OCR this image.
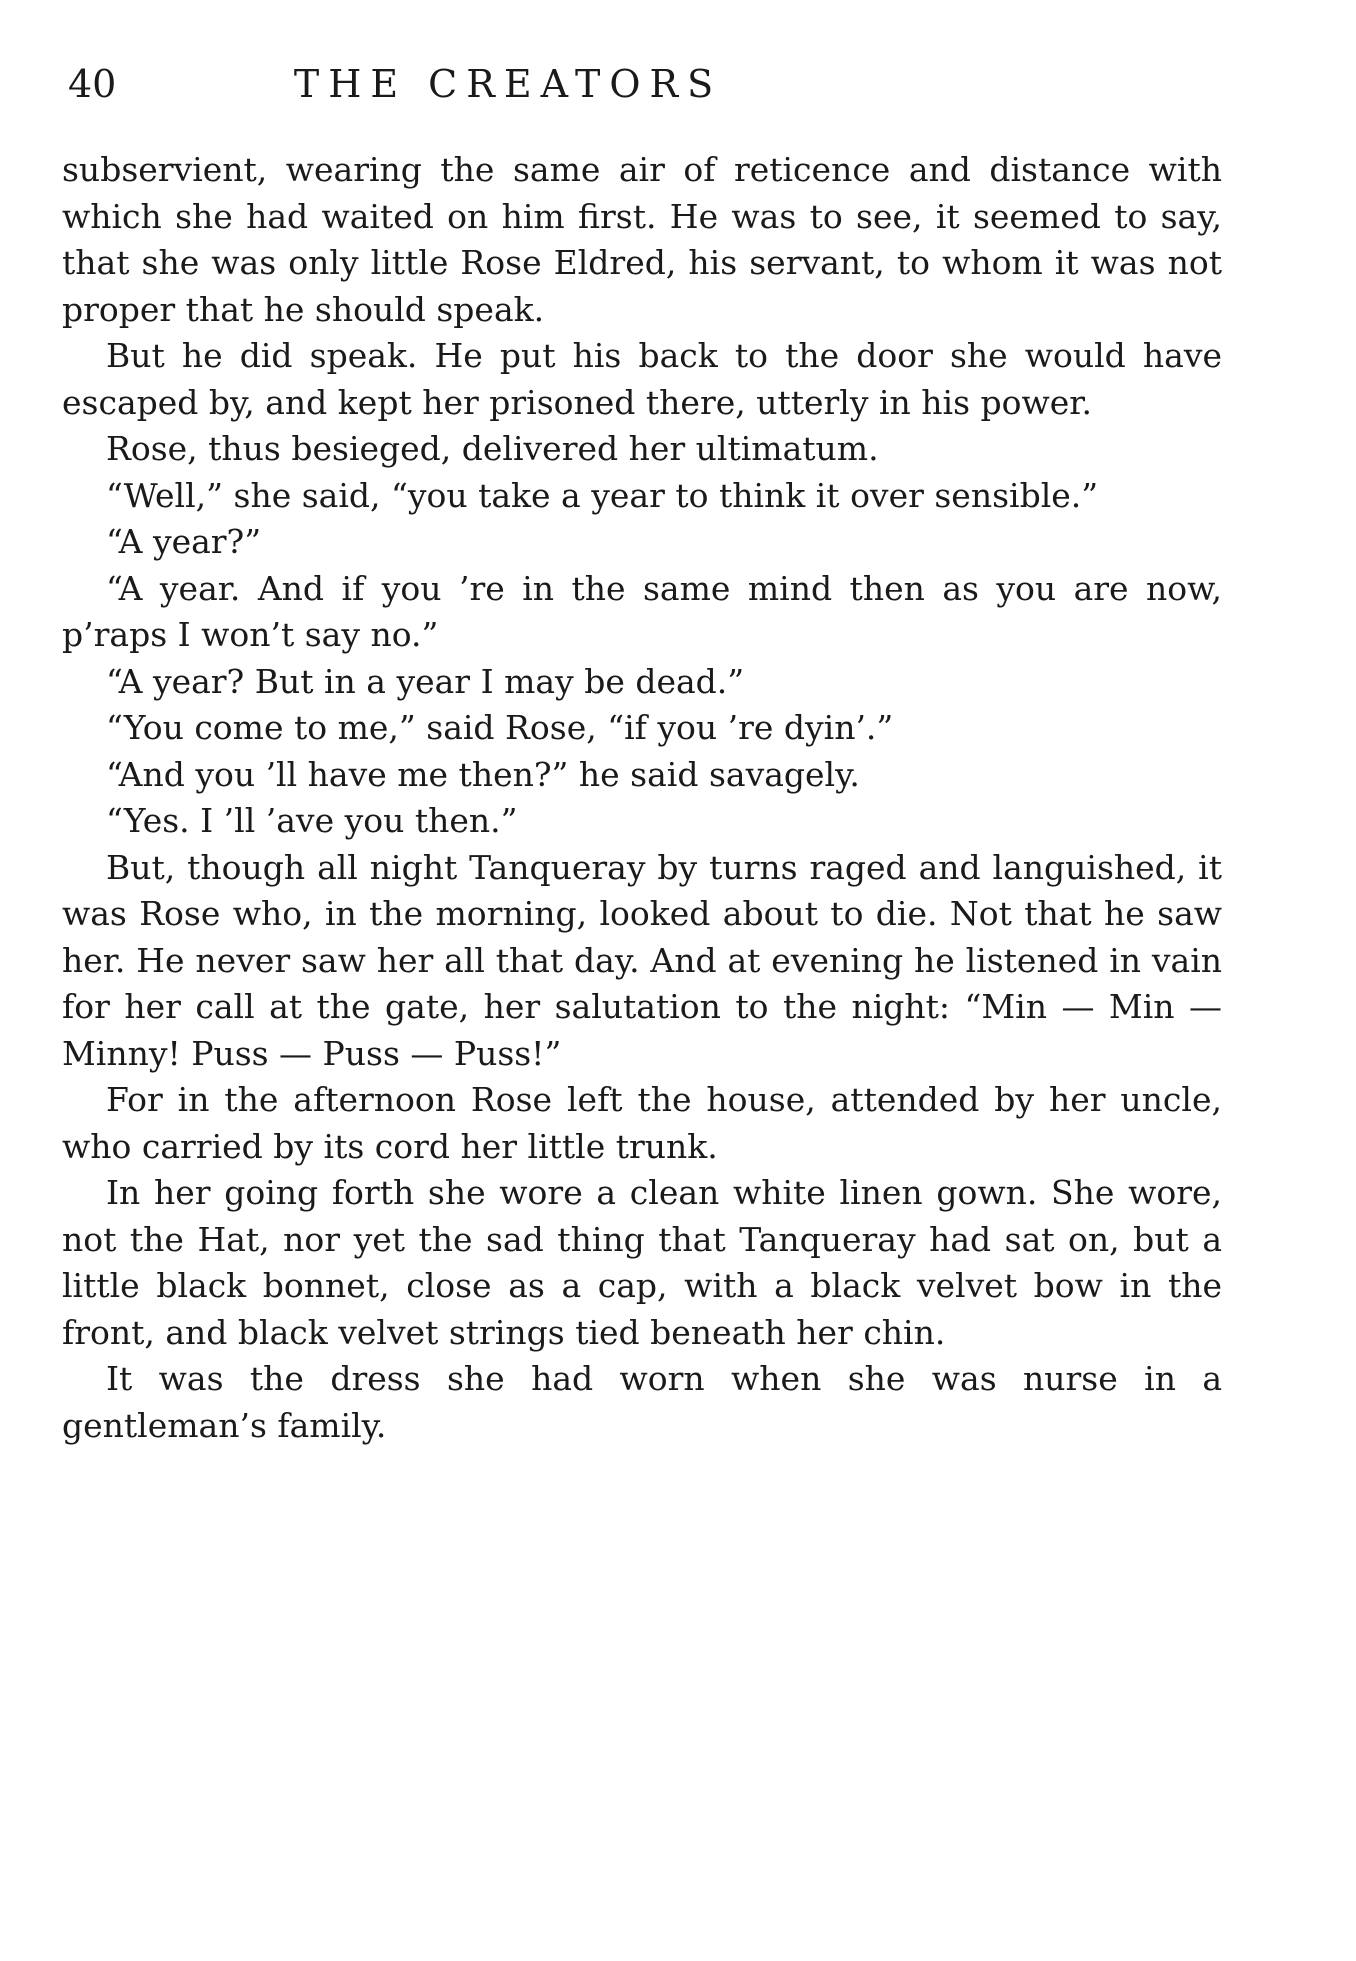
40	THE CREATORS

subservient, wearing the same air of reticence and distance with which she had waited on him first. He was to see, it seemed to say, that she was only little Rose Eldred, his servant, to whom it was not proper that he should speak.

But he did speak. He put his back to the door she would have escaped by, and kept her prisoned there, utterly in his power.

Rose, thus besieged, delivered her ultimatum.

“Well,” she said, “you take a year to think it over sensible.”

“A year?”

“A year. And if you ’re in the same mind then as you are now, p’raps I won’t say no.”

“A year? But in a year I may be dead.”

“You come to me,” said Rose, “if you ’re dyin’.”

“And you ’ll have me then?” he said savagely.

“Yes. I ’ll ’ave you then.”

But, though all night Tanqueray by turns raged and languished, it was Rose who, in the morning, looked about to die. Not that he saw her. He never saw her all that day. And at evening he listened in vain for her call at the gate, her salutation to the night: “Min — Min — Minny! Puss — Puss — Puss!”

For in the afternoon Rose left the house, attended by her uncle, who carried by its cord her little trunk.

In her going forth she wore a clean white linen gown. She wore, not the Hat, nor yet the sad thing that Tanqueray had sat on, but a little black bonnet, close as a cap, with a black velvet bow in the front, and black velvet strings tied beneath her chin.

It was the dress she had worn when she was nurse in a gentleman’s family.
